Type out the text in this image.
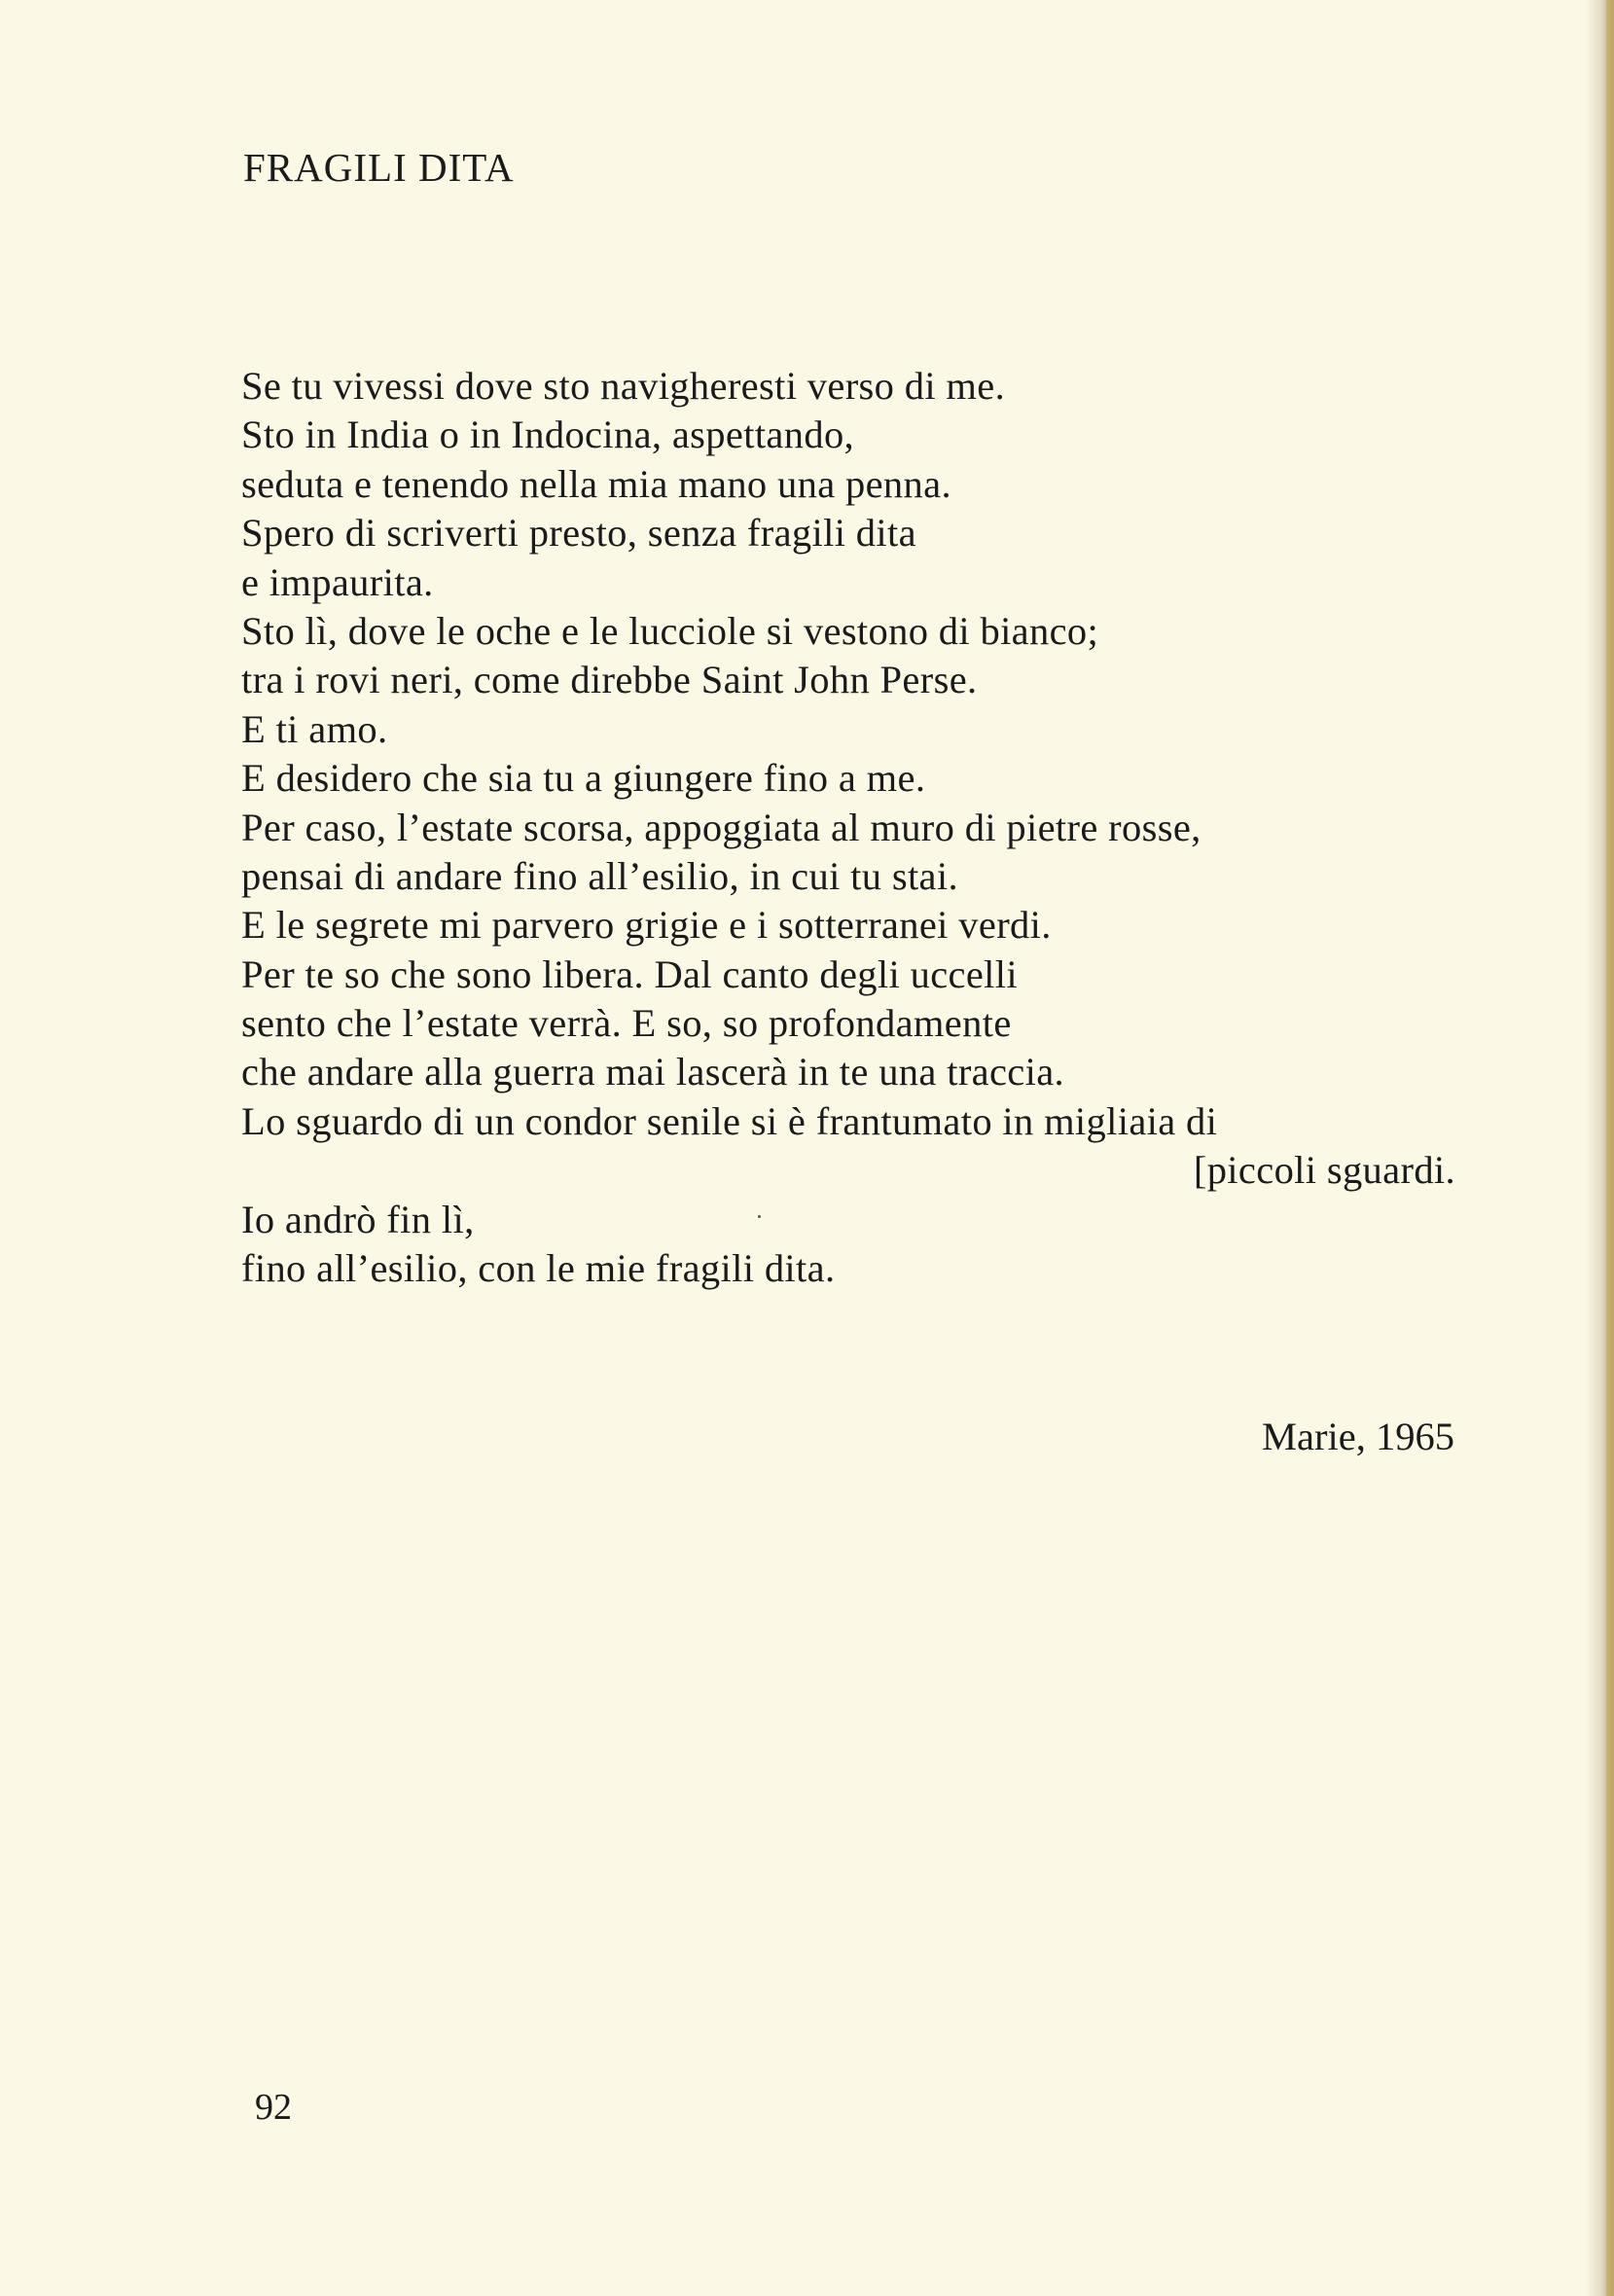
FRAGILI DITA
Se tu vivessi dove sto navigheresti verso di me.
Sto in India o in Indocina, aspettando,
seduta e tenendo nella mia mano una penna.
Spero di scriverti presto, senza fragili dita
e impaurita.
Sto lì, dove le oche e le lucciole si vestono di bianco;
tra i rovi neri, come direbbe Saint John Perse.
E ti amo.
E desidero che sia tu a giungere fino a me.
Per caso, l’estate scorsa, appoggiata al muro di pietre rosse,
pensai di andare fino all’esilio, in cui tu stai.
E le segrete mi parvero grigie e i sotterranei verdi.
Per te so che sono libera. Dal canto degli uccelli
sento che l’estate verrà. E so, so profondamente
che andare alla guerra mai lascerà in te una traccia.
Lo sguardo di un condor senile si è frantumato in migliaia di
[piccoli sguardi.
Io andrò fin lì,
fino all’esilio, con le mie fragili dita.
Marie, 1965
92
